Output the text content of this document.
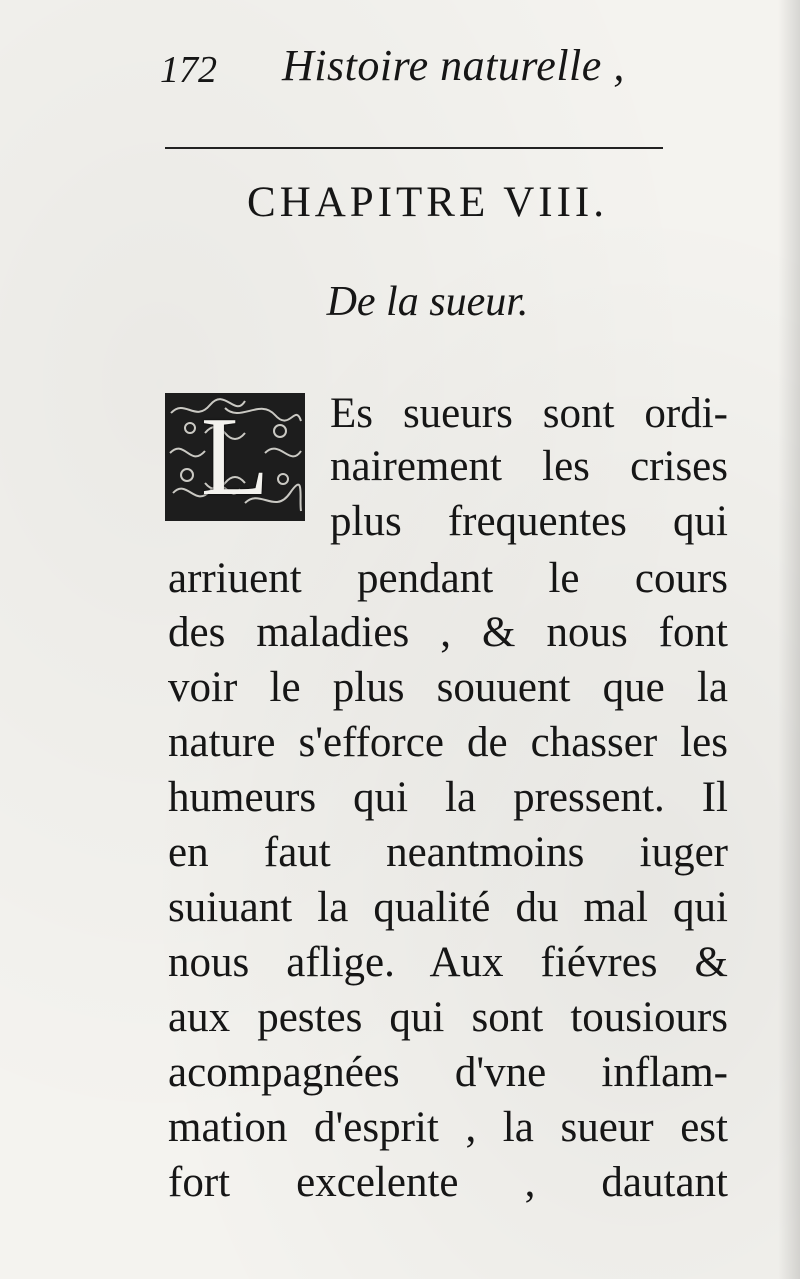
172 Histoire naturelle ,
CHAPITRE VIII.
De la sueur.
L	Es sueurs sont ordi-
nairement les crises
plus frequentes qui
arriuent pendant le cours
des maladies , & nous font
voir le plus souuent que la
nature s'efforce de chasser les
humeurs qui la pressent. Il
en faut neantmoins iuger
suiuant la qualité du mal qui
nous aflige. Aux fiévres &
aux pestes qui sont tousiours
acompagnées d'vne inflam-
mation d'esprit , la sueur est
fort excelente , dautant
